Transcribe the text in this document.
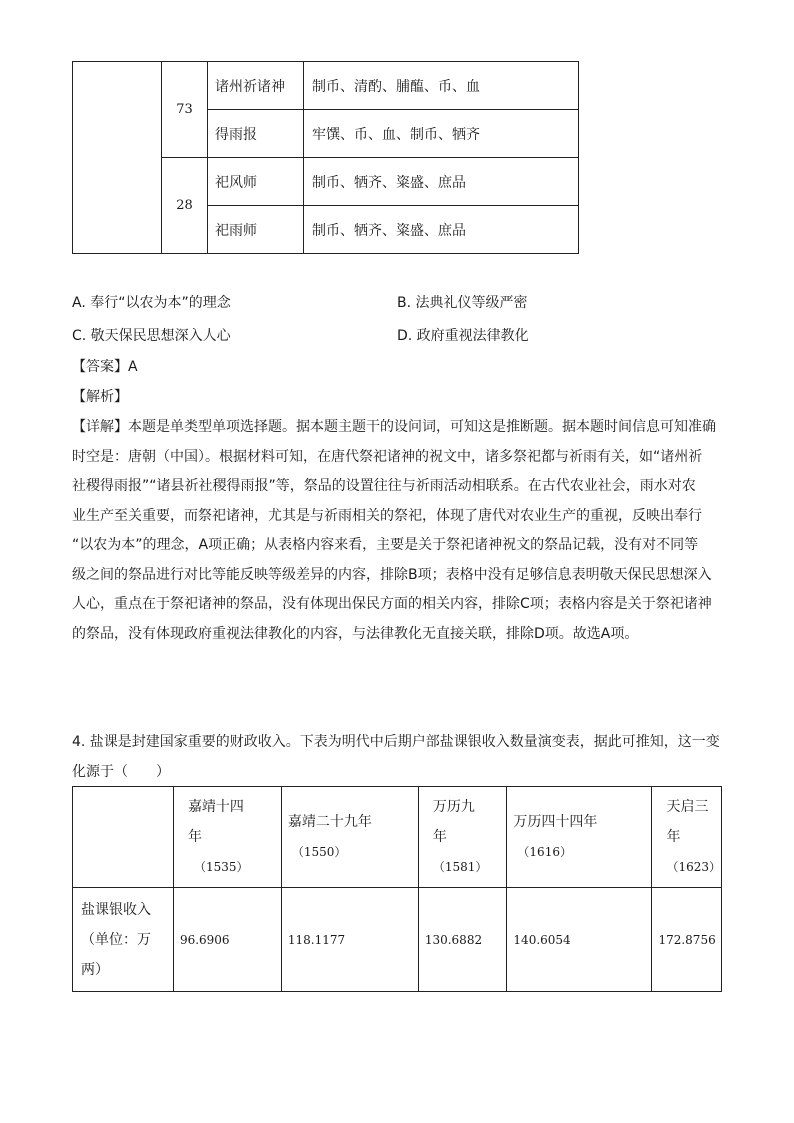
	73	诸州祈诸神	制币、清酌、脯醢、币、血
		得雨报	牢馔、币、血、制币、牺齐
	28	祀风师	制币、牺齐、粢盛、庶品
		祀雨师	制币、牺齐、粢盛、庶品
A. 奉行“以农为本”的理念	B. 法典礼仪等级严密
C. 敬天保民思想深入人心	D. 政府重视法律教化
【答案】A
【解析】
【详解】本题是单类型单项选择题。据本题主题干的设问词，可知这是推断题。据本题时间信息可知准确
时空是：唐朝（中国）。根据材料可知，在唐代祭祀诸神的祝文中，诸多祭祀都与祈雨有关，如“诸州祈
社稷得雨报”“诸县祈社稷得雨报”等，祭品的设置往往与祈雨活动相联系。在古代农业社会，雨水对农
业生产至关重要，而祭祀诸神，尤其是与祈雨相关的祭祀，体现了唐代对农业生产的重视，反映出奉行
“以农为本”的理念，A项正确；从表格内容来看，主要是关于祭祀诸神祝文的祭品记载，没有对不同等
级之间的祭品进行对比等能反映等级差异的内容，排除B项；表格中没有足够信息表明敬天保民思想深入
人心，重点在于祭祀诸神的祭品，没有体现出保民方面的相关内容，排除C项；表格内容是关于祭祀诸神
的祭品，没有体现政府重视法律教化的内容，与法律教化无直接关联，排除D项。故选A项。
4. 盐课是封建国家重要的财政收入。下表为明代中后期户部盐课银收入数量演变表，据此可推知，这一变
化源于（　　）

	嘉靖十四
年
（1535）	嘉靖二十九年
（1550）	万历九
年
（1581）	万历四十四年
（1616）	天启三
年
（1623）

盐课银收入
（单位：万
两）	96.6906	118.1177	130.6882	140.6054	172.8756
